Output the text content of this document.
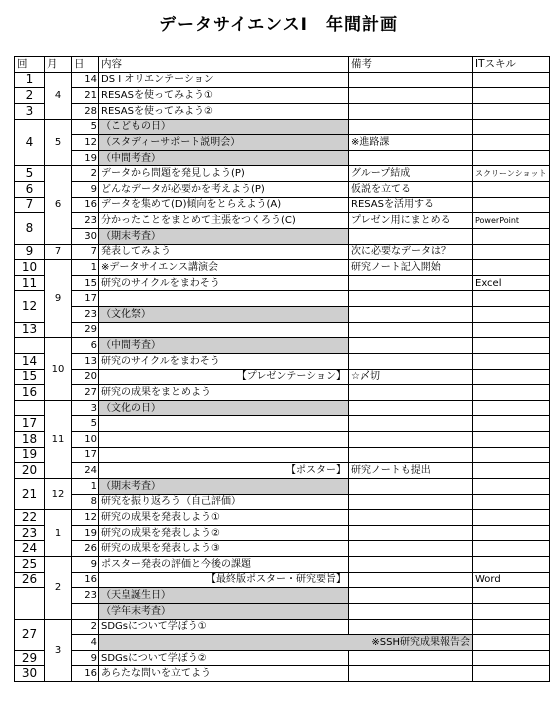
データサイエンスⅠ　年間計画
回	月	日	内容	備考	ITスキル
1	4	14	DS Ⅰ オリエンテーション		
2		21	RESASを使ってみよう①		
3		28	RESASを使ってみよう②		
4	5	5	（こどもの日）		
		12	（スタディーサポート説明会）	※進路課	
		19	（中間考査）		
5	6	2	データから問題を発見しよう(P)	グループ結成	スクリーンショット
6		9	どんなデータが必要かを考えよう(P)	仮説を立てる	
7		16	データを集めて(D)傾向をとらえよう(A)	RESASを活用する	
8		23	分かったことをまとめて主張をつくろう(C)	プレゼン用にまとめる	PowerPoint
		30	（期末考査）		
9	7	7	発表してみよう	次に必要なデータは？	
10	9	1	※データサイエンス講演会	研究ノート記入開始	
11		15	研究のサイクルをまわそう		Excel
12		17			
		23	（文化祭）		
13		29			
	10	6	（中間考査）		
14		13	研究のサイクルをまわそう		
15		20	【プレゼンテーション】	☆〆切	
16		27	研究の成果をまとめよう		
	11	3	（文化の日）		
17		5			
18		10			
19		17			
20		24	【ポスター】	研究ノートも提出	
21	12	1	（期末考査）		
		8	研究を振り返ろう（自己評価）		
22	1	12	研究の成果を発表しよう①		
23		19	研究の成果を発表しよう②		
24		26	研究の成果を発表しよう③		
25	2	9	ポスター発表の評価と今後の課題		
26		16	【最終版ポスター・研究要旨】		Word
		23	（天皇誕生日）		
			（学年末考査）		
27	3	2	SDGsについて学ぼう①		
		4	※SSH研究成果報告会		
29		9	SDGsについて学ぼう②		
30		16	あらたな問いを立てよう		
